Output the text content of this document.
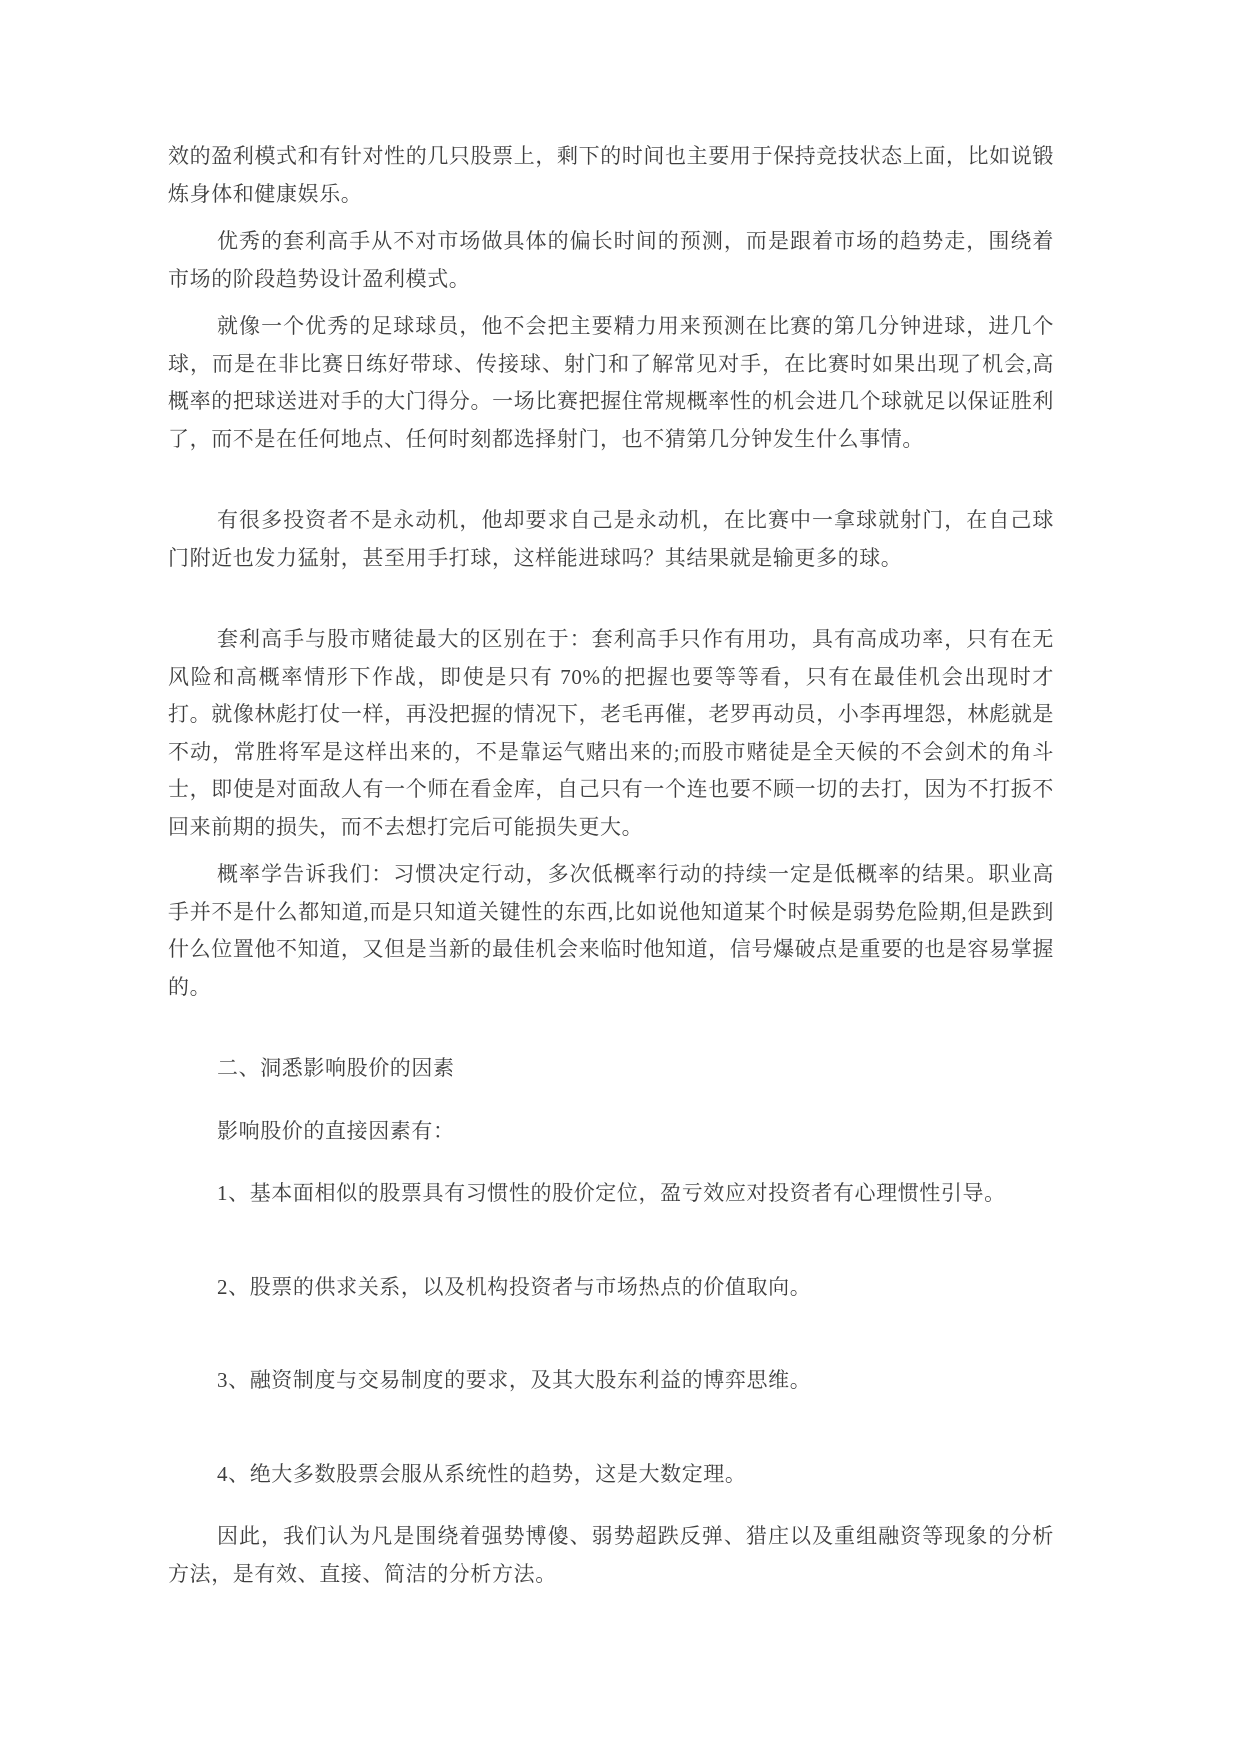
效的盈利模式和有针对性的几只股票上，剩下的时间也主要用于保持竞技状态上面，比如说锻炼身体和健康娱乐。

优秀的套利高手从不对市场做具体的偏长时间的预测，而是跟着市场的趋势走，围绕着市场的阶段趋势设计盈利模式。

就像一个优秀的足球球员，他不会把主要精力用来预测在比赛的第几分钟进球，进几个球，而是在非比赛日练好带球、传接球、射门和了解常见对手，在比赛时如果出现了机会,高概率的把球送进对手的大门得分。一场比赛把握住常规概率性的机会进几个球就足以保证胜利了，而不是在任何地点、任何时刻都选择射门，也不猜第几分钟发生什么事情。

有很多投资者不是永动机，他却要求自己是永动机，在比赛中一拿球就射门，在自己球门附近也发力猛射，甚至用手打球，这样能进球吗？其结果就是输更多的球。

套利高手与股市赌徒最大的区别在于：套利高手只作有用功，具有高成功率，只有在无风险和高概率情形下作战，即使是只有 70%的把握也要等等看，只有在最佳机会出现时才打。就像林彪打仗一样，再没把握的情况下，老毛再催，老罗再动员，小李再埋怨，林彪就是不动，常胜将军是这样出来的，不是靠运气赌出来的;而股市赌徒是全天候的不会剑术的角斗士，即使是对面敌人有一个师在看金库，自己只有一个连也要不顾一切的去打，因为不打扳不回来前期的损失，而不去想打完后可能损失更大。

概率学告诉我们：习惯决定行动，多次低概率行动的持续一定是低概率的结果。职业高手并不是什么都知道,而是只知道关键性的东西,比如说他知道某个时候是弱势危险期,但是跌到什么位置他不知道，又但是当新的最佳机会来临时他知道，信号爆破点是重要的也是容易掌握的。

二、洞悉影响股价的因素

影响股价的直接因素有：

1、基本面相似的股票具有习惯性的股价定位，盈亏效应对投资者有心理惯性引导。

2、股票的供求关系，以及机构投资者与市场热点的价值取向。

3、融资制度与交易制度的要求，及其大股东利益的博弈思维。

4、绝大多数股票会服从系统性的趋势，这是大数定理。

因此，我们认为凡是围绕着强势博傻、弱势超跌反弹、猎庄以及重组融资等现象的分析方法，是有效、直接、简洁的分析方法。
